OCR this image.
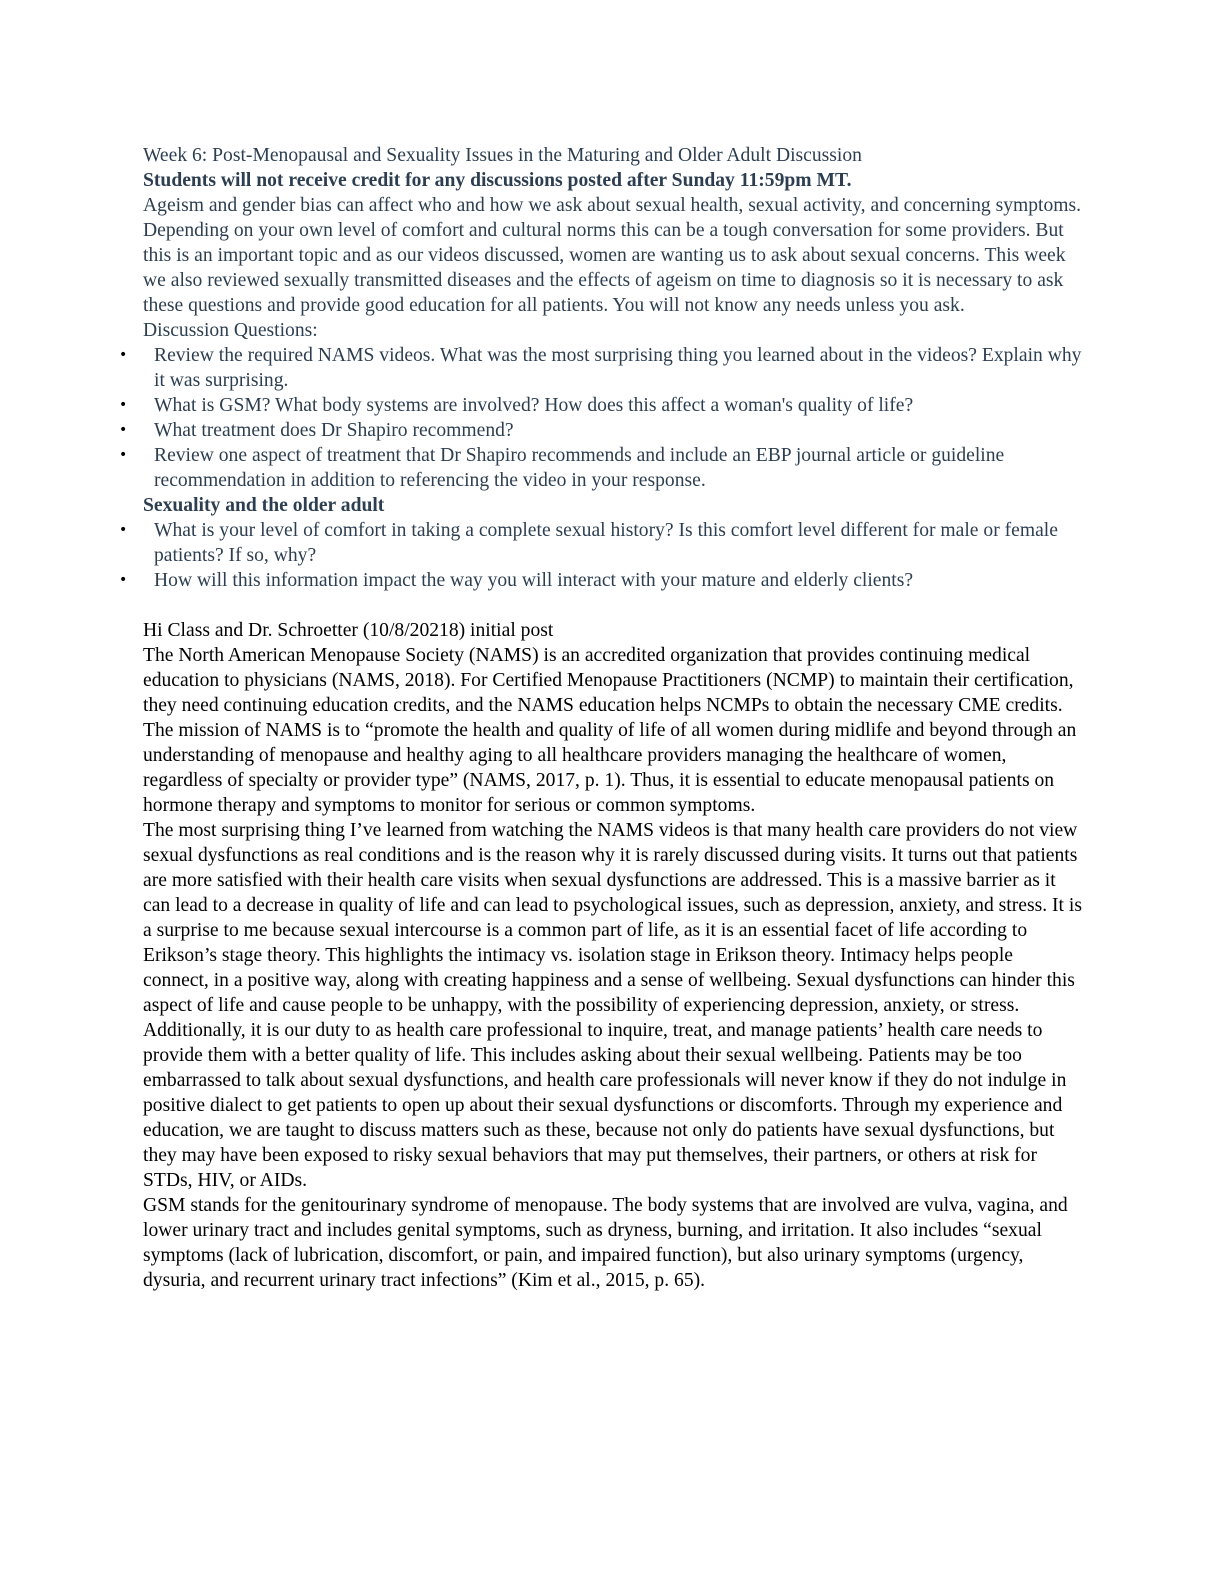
Week 6: Post-Menopausal and Sexuality Issues in the Maturing and Older Adult Discussion

Students will not receive credit for any discussions posted after Sunday 11:59pm MT.

Ageism and gender bias can affect who and how we ask about sexual health, sexual activity, and concerning symptoms. Depending on your own level of comfort and cultural norms this can be a tough conversation for some providers. But this is an important topic and as our videos discussed, women are wanting us to ask about sexual concerns. This week we also reviewed sexually transmitted diseases and the effects of ageism on time to diagnosis so it is necessary to ask these questions and provide good education for all patients. You will not know any needs unless you ask.

Discussion Questions:

• Review the required NAMS videos. What was the most surprising thing you learned about in the videos? Explain why it was surprising.
• What is GSM? What body systems are involved? How does this affect a woman's quality of life?
• What treatment does Dr Shapiro recommend?
• Review one aspect of treatment that Dr Shapiro recommends and include an EBP journal article or guideline recommendation in addition to referencing the video in your response.

Sexuality and the older adult

• What is your level of comfort in taking a complete sexual history? Is this comfort level different for male or female patients? If so, why?
• How will this information impact the way you will interact with your mature and elderly clients?

Hi Class and Dr. Schroetter (10/8/20218) initial post

The North American Menopause Society (NAMS) is an accredited organization that provides continuing medical education to physicians (NAMS, 2018). For Certified Menopause Practitioners (NCMP) to maintain their certification, they need continuing education credits, and the NAMS education helps NCMPs to obtain the necessary CME credits. The mission of NAMS is to “promote the health and quality of life of all women during midlife and beyond through an understanding of menopause and healthy aging to all healthcare providers managing the healthcare of women, regardless of specialty or provider type” (NAMS, 2017, p. 1). Thus, it is essential to educate menopausal patients on hormone therapy and symptoms to monitor for serious or common symptoms.

The most surprising thing I’ve learned from watching the NAMS videos is that many health care providers do not view sexual dysfunctions as real conditions and is the reason why it is rarely discussed during visits. It turns out that patients are more satisfied with their health care visits when sexual dysfunctions are addressed. This is a massive barrier as it can lead to a decrease in quality of life and can lead to psychological issues, such as depression, anxiety, and stress. It is a surprise to me because sexual intercourse is a common part of life, as it is an essential facet of life according to Erikson’s stage theory. This highlights the intimacy vs. isolation stage in Erikson theory. Intimacy helps people connect, in a positive way, along with creating happiness and a sense of wellbeing. Sexual dysfunctions can hinder this aspect of life and cause people to be unhappy, with the possibility of experiencing depression, anxiety, or stress.

Additionally, it is our duty to as health care professional to inquire, treat, and manage patients’ health care needs to provide them with a better quality of life. This includes asking about their sexual wellbeing. Patients may be too embarrassed to talk about sexual dysfunctions, and health care professionals will never know if they do not indulge in positive dialect to get patients to open up about their sexual dysfunctions or discomforts. Through my experience and education, we are taught to discuss matters such as these, because not only do patients have sexual dysfunctions, but they may have been exposed to risky sexual behaviors that may put themselves, their partners, or others at risk for STDs, HIV, or AIDs.

GSM stands for the genitourinary syndrome of menopause. The body systems that are involved are vulva, vagina, and lower urinary tract and includes genital symptoms, such as dryness, burning, and irritation. It also includes “sexual symptoms (lack of lubrication, discomfort, or pain, and impaired function), but also urinary symptoms (urgency, dysuria, and recurrent urinary tract infections” (Kim et al., 2015, p. 65).
